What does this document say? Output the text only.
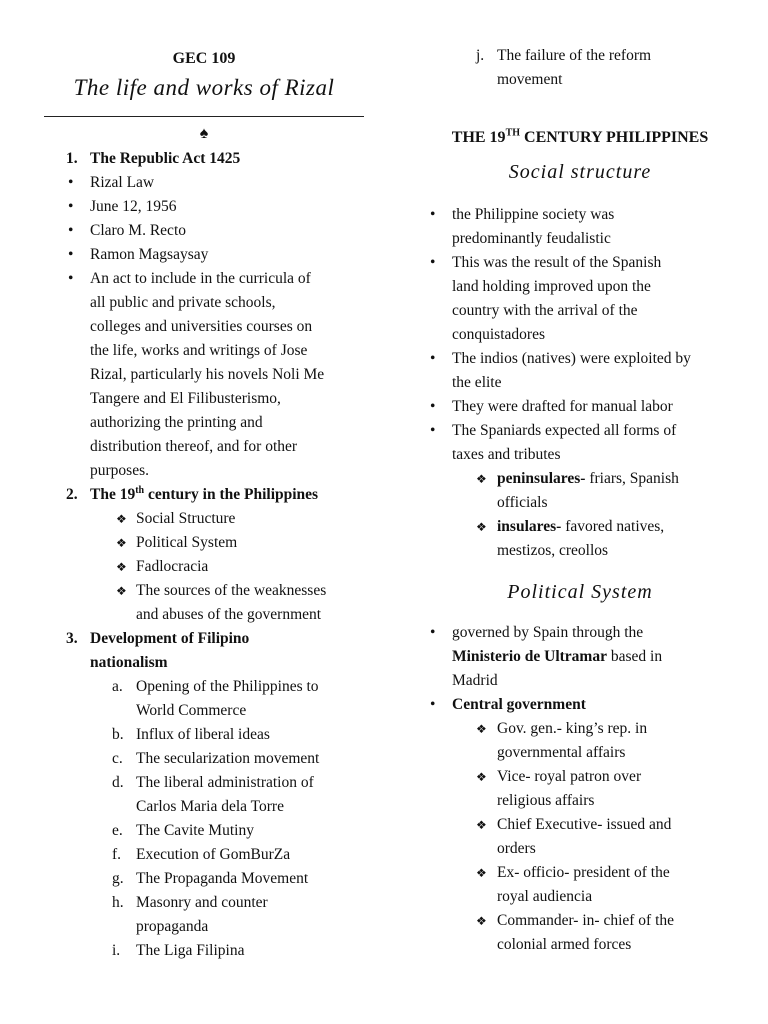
GEC 109
The life and works of Rizal
♠
1. The Republic Act 1425
• Rizal Law
• June 12, 1956
• Claro M. Recto
• Ramon Magsaysay
• An act to include in the curricula of
all public and private schools,
colleges and universities courses on
the life, works and writings of Jose
Rizal, particularly his novels Noli Me
Tangere and El Filibusterismo,
authorizing the printing and
distribution thereof, and for other
purposes.
2. The 19th century in the Philippines
❖ Social Structure
❖ Political System
❖ Fadlocracia
❖ The sources of the weaknesses
and abuses of the government
3. Development of Filipino
nationalism
a. Opening of the Philippines to
World Commerce
b. Influx of liberal ideas
c. The secularization movement
d. The liberal administration of
Carlos Maria dela Torre
e. The Cavite Mutiny
f. Execution of GomBurZa
g. The Propaganda Movement
h. Masonry and counter
propaganda
i. The Liga Filipina
j. The failure of the reform
movement
THE 19TH CENTURY PHILIPPINES
Social structure
• the Philippine society was
predominantly feudalistic
• This was the result of the Spanish
land holding improved upon the
country with the arrival of the
conquistadores
• The indios (natives) were exploited by
the elite
• They were drafted for manual labor
• The Spaniards expected all forms of
taxes and tributes
❖ peninsulares- friars, Spanish
officials
❖ insulares- favored natives,
mestizos, creollos
Political System
• governed by Spain through the
Ministerio de Ultramar based in
Madrid
• Central government
❖ Gov. gen.- king’s rep. in
governmental affairs
❖ Vice- royal patron over
religious affairs
❖ Chief Executive- issued and
orders
❖ Ex- officio- president of the
royal audiencia
❖ Commander- in- chief of the
colonial armed forces
